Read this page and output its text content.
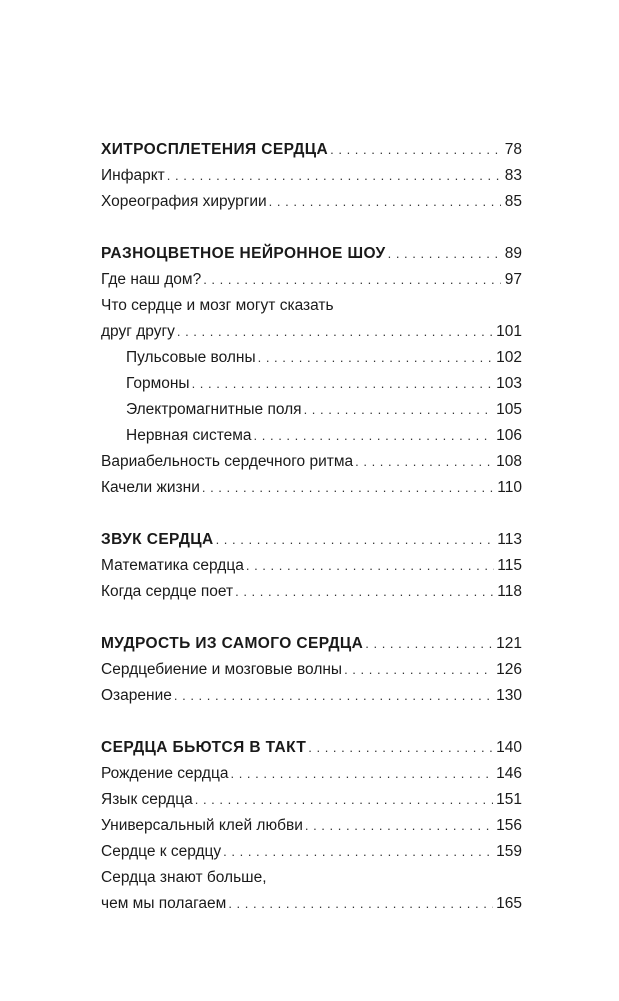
ХИТРОСПЛЕТЕНИЯ СЕРДЦА . . .	78
Инфаркт . . .	83
Хореография хирургии . . .	85
РАЗНОЦВЕТНОЕ НЕЙРОННОЕ ШОУ . . .	89
Где наш дом? . . .	97
Что сердце и мозг могут сказать
друг другу . . .	101
Пульсовые волны . . .	102
Гормоны . . .	103
Электромагнитные поля . . .	105
Нервная система . . .	106
Вариабельность сердечного ритма . . .	108
Качели жизни . . .	110
ЗВУК СЕРДЦА . . .	113
Математика сердца . . .	115
Когда сердце поет . . .	118
МУДРОСТЬ ИЗ САМОГО СЕРДЦА . . .	121
Сердцебиение и мозговые волны . . .	126
Озарение . . .	130
СЕРДЦА БЬЮТСЯ В ТАКТ . . .	140
Рождение сердца . . .	146
Язык сердца . . .	151
Универсальный клей любви . . .	156
Сердце к сердцу . . .	159
Сердца знают больше,
чем мы полагаем . . .	165
